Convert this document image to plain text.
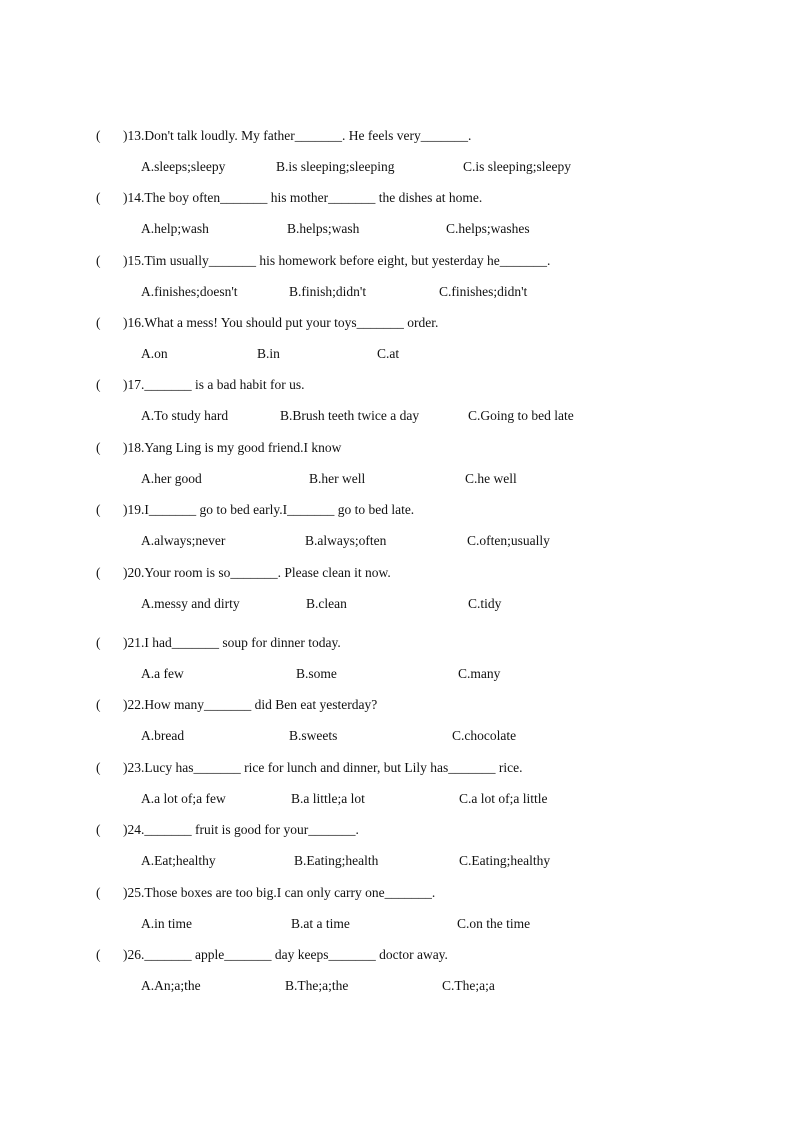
( )13.Don't talk loudly. My father_______. He feels very_______.
A.sleeps;sleepy	B.is sleeping;sleeping	C.is sleeping;sleepy
( )14.The boy often_______ his mother_______ the dishes at home.
A.help;wash	B.helps;wash	C.helps;washes
( )15.Tim usually_______ his homework before eight, but yesterday he_______.
A.finishes;doesn't	B.finish;didn't	C.finishes;didn't
( )16.What a mess! You should put your toys_______ order.
A.on	B.in	C.at
( )17._______ is a bad habit for us.
A.To study hard	B.Brush teeth twice a day	C.Going to bed late
( )18.Yang Ling is my good friend.I know
A.her good	B.her well	C.he well
( )19.I_______ go to bed early.I_______ go to bed late.
A.always;never	B.always;often	C.often;usually
( )20.Your room is so_______. Please clean it now.
A.messy and dirty	B.clean	C.tidy
( )21.I had_______ soup for dinner today.
A.a few	B.some	C.many
( )22.How many_______ did Ben eat yesterday?
A.bread	B.sweets	C.chocolate
( )23.Lucy has_______ rice for lunch and dinner, but Lily has_______ rice.
A.a lot of;a few	B.a little;a lot	C.a lot of;a little
( )24._______ fruit is good for your_______.
A.Eat;healthy	B.Eating;health	C.Eating;healthy
( )25.Those boxes are too big.I can only carry one_______.
A.in time	B.at a time	C.on the time
( )26._______ apple_______ day keeps_______ doctor away.
A.An;a;the	B.The;a;the	C.The;a;a
